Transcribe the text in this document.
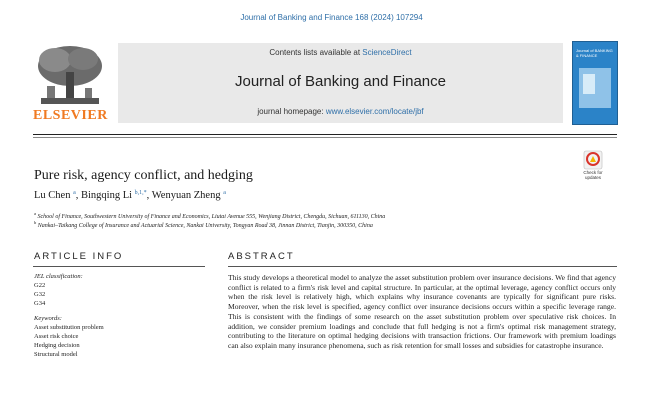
Journal of Banking and Finance 168 (2024) 107294
ELSEVIER
Contents lists available at ScienceDirect
Journal of Banking and Finance
journal homepage: www.elsevier.com/locate/jbf
Journal of BANKING & FINANCE
Pure risk, agency conflict, and hedging
Lu Chen $^a$, Bingqing Li $^{b,1,*}$, Wenyuan Zheng $^a$
$^a$ School of Finance, Southwestern University of Finance and Economics, Liutai Avenue 555, Wenjiang District, Chengdu, Sichuan, 611130, China
$^b$ Nankai–Taikang College of Insurance and Actuarial Science, Nankai University, Tongyan Road 38, Jinnan District, Tianjin, 300350, China
Check for updates
ARTICLE INFO	ABSTRACT
JEL classification:
G22
G32
G34
Keywords:
Asset substitution problem
Asset risk choice
Hedging decision
Structural model
This study develops a theoretical model to analyze the asset substitution problem over insurance decisions. We find that agency conflict is related to a firm's risk level and capital structure. In particular, at the optimal leverage, agency conflict occurs only when the risk level is relatively high, which explains why insurance covenants are typically for significant pure risks. Moreover, when the risk level is specified, agency conflict over insurance decisions occurs within a specific leverage range. This is consistent with the findings of some research on the asset substitution problem over speculative risk choices. In addition, we consider premium loadings and conclude that full hedging is not a firm's optimal risk management strategy, contributing to the literature on optimal hedging decisions with transaction frictions. Our framework with premium loadings can also explain many insurance phenomena, such as risk retention for small losses and subsidies for catastrophe insurance.
